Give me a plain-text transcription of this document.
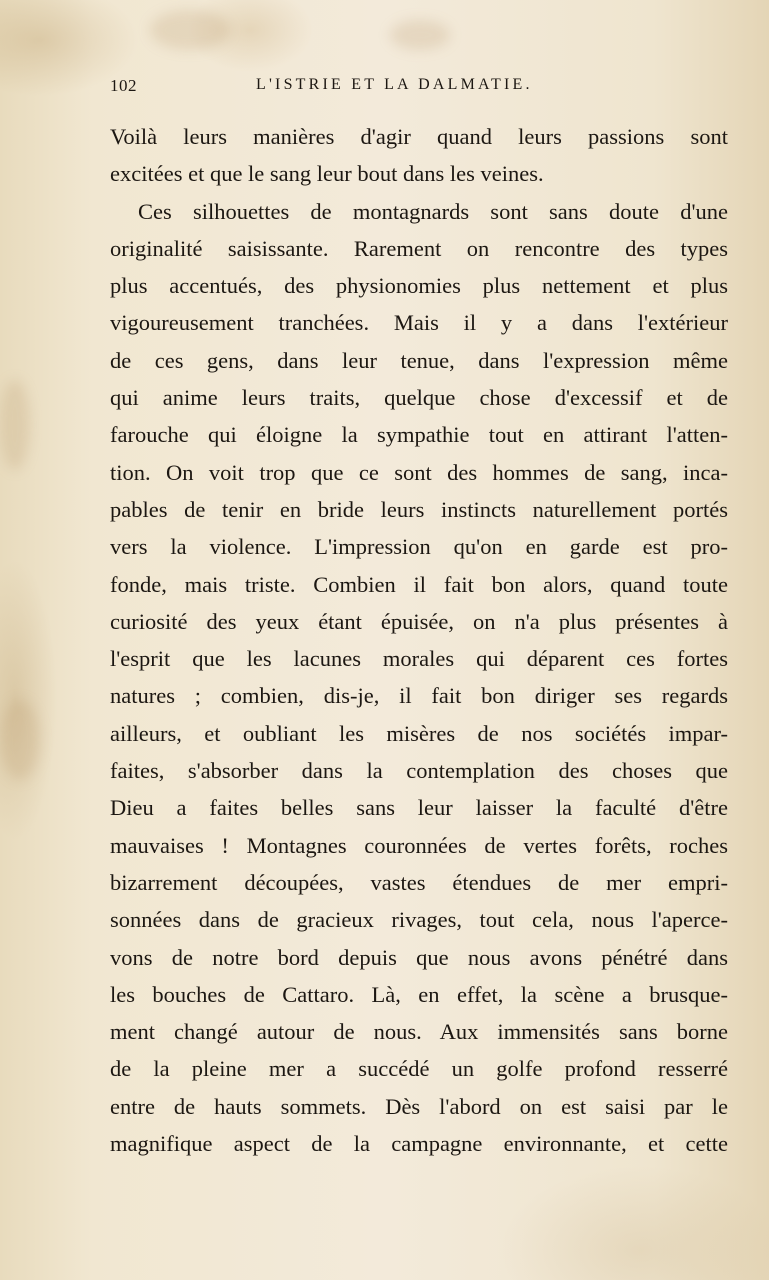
102	L'ISTRIE ET LA DALMATIE.
Voilà leurs manières d'agir quand leurs passions sont
excitées et que le sang leur bout dans les veines.
Ces silhouettes de montagnards sont sans doute d'une
originalité saisissante. Rarement on rencontre des types
plus accentués, des physionomies plus nettement et plus
vigoureusement tranchées. Mais il y a dans l'extérieur
de ces gens, dans leur tenue, dans l'expression même
qui anime leurs traits, quelque chose d'excessif et de
farouche qui éloigne la sympathie tout en attirant l'atten-
tion. On voit trop que ce sont des hommes de sang, inca-
pables de tenir en bride leurs instincts naturellement portés
vers la violence. L'impression qu'on en garde est pro-
fonde, mais triste. Combien il fait bon alors, quand toute
curiosité des yeux étant épuisée, on n'a plus présentes à
l'esprit que les lacunes morales qui déparent ces fortes
natures ; combien, dis-je, il fait bon diriger ses regards
ailleurs, et oubliant les misères de nos sociétés impar-
faites, s'absorber dans la contemplation des choses que
Dieu a faites belles sans leur laisser la faculté d'être
mauvaises ! Montagnes couronnées de vertes forêts, roches
bizarrement découpées, vastes étendues de mer empri-
sonnées dans de gracieux rivages, tout cela, nous l'aperce-
vons de notre bord depuis que nous avons pénétré dans
les bouches de Cattaro. Là, en effet, la scène a brusque-
ment changé autour de nous. Aux immensités sans borne
de la pleine mer a succédé un golfe profond resserré
entre de hauts sommets. Dès l'abord on est saisi par le
magnifique aspect de la campagne environnante, et cette
